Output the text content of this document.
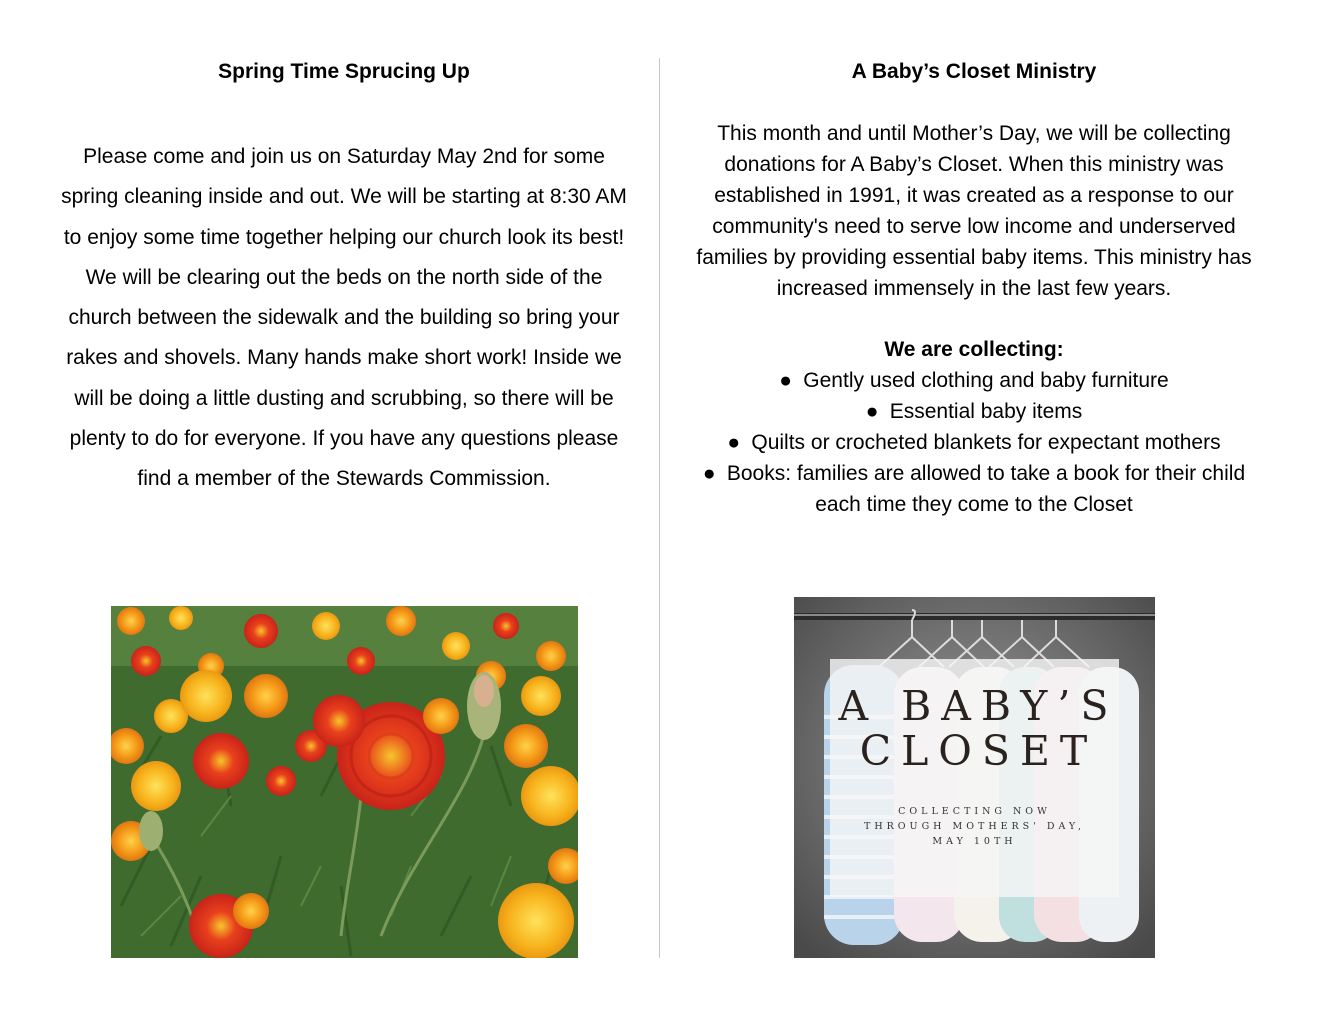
Spring Time Sprucing Up

Please come and join us on Saturday May 2nd for some spring cleaning inside and out. We will be starting at 8:30 AM to enjoy some time together helping our church look its best! We will be clearing out the beds on the north side of the church between the sidewalk and the building so bring your rakes and shovels. Many hands make short work! Inside we will be doing a little dusting and scrubbing, so there will be plenty to do for everyone. If you have any questions please find a member of the Stewards Commission.

A Baby’s Closet Ministry

This month and until Mother’s Day, we will be collecting donations for A Baby’s Closet. When this ministry was established in 1991, it was created as a response to our community's need to serve low income and underserved families by providing essential baby items. This ministry has increased immensely in the last few years.

We are collecting:
● Gently used clothing and baby furniture
● Essential baby items
● Quilts or crocheted blankets for expectant mothers
● Books: families are allowed to take a book for their child each time they come to the Closet
A BABY’S
CLOSET
COLLECTING NOW
THROUGH MOTHERS' DAY,
MAY 10TH
